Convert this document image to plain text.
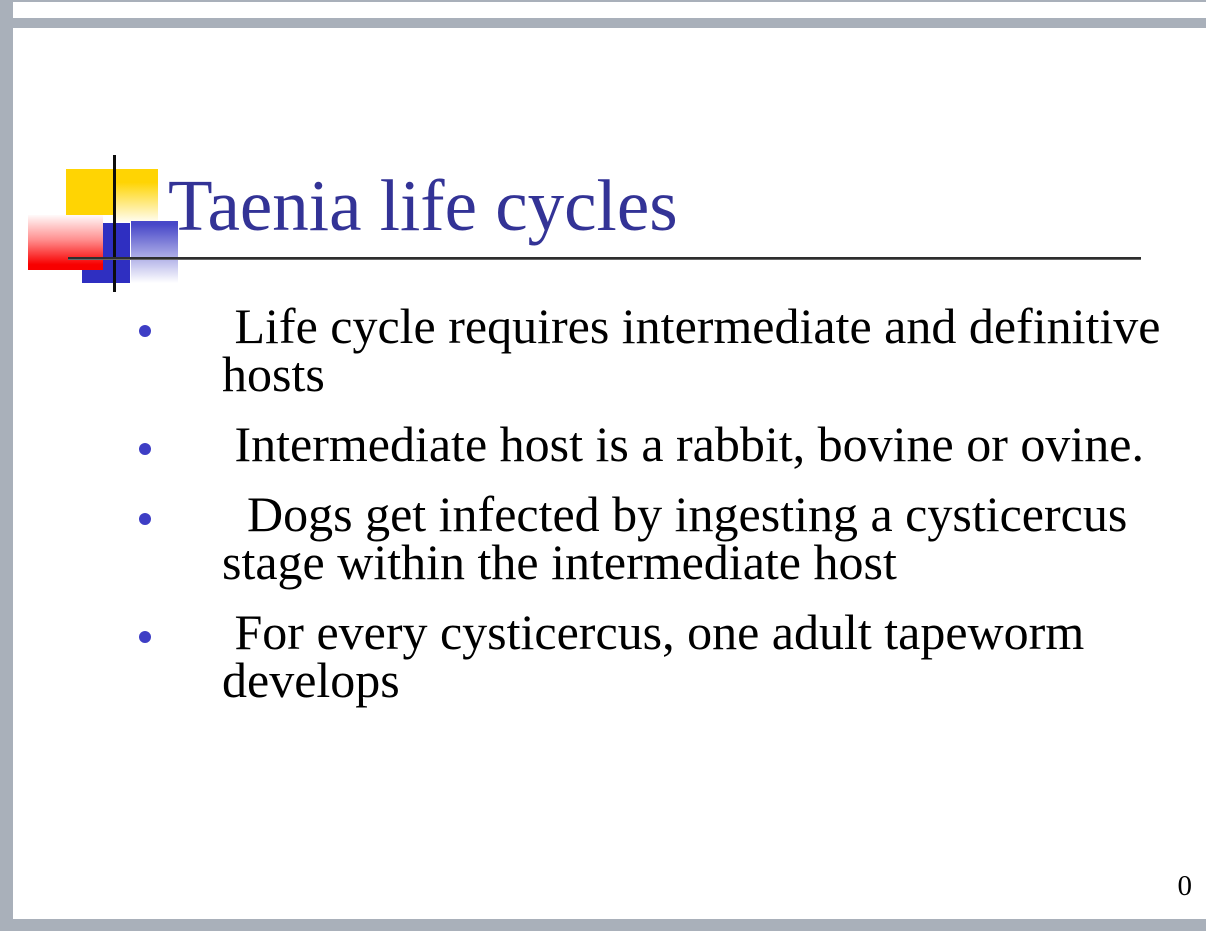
Taenia life cycles
Life cycle requires intermediate and definitive hosts
Intermediate host is a rabbit, bovine or ovine.
Dogs get infected by ingesting a cysticercus stage within the intermediate host
For every cysticercus, one adult tapeworm develops
0
